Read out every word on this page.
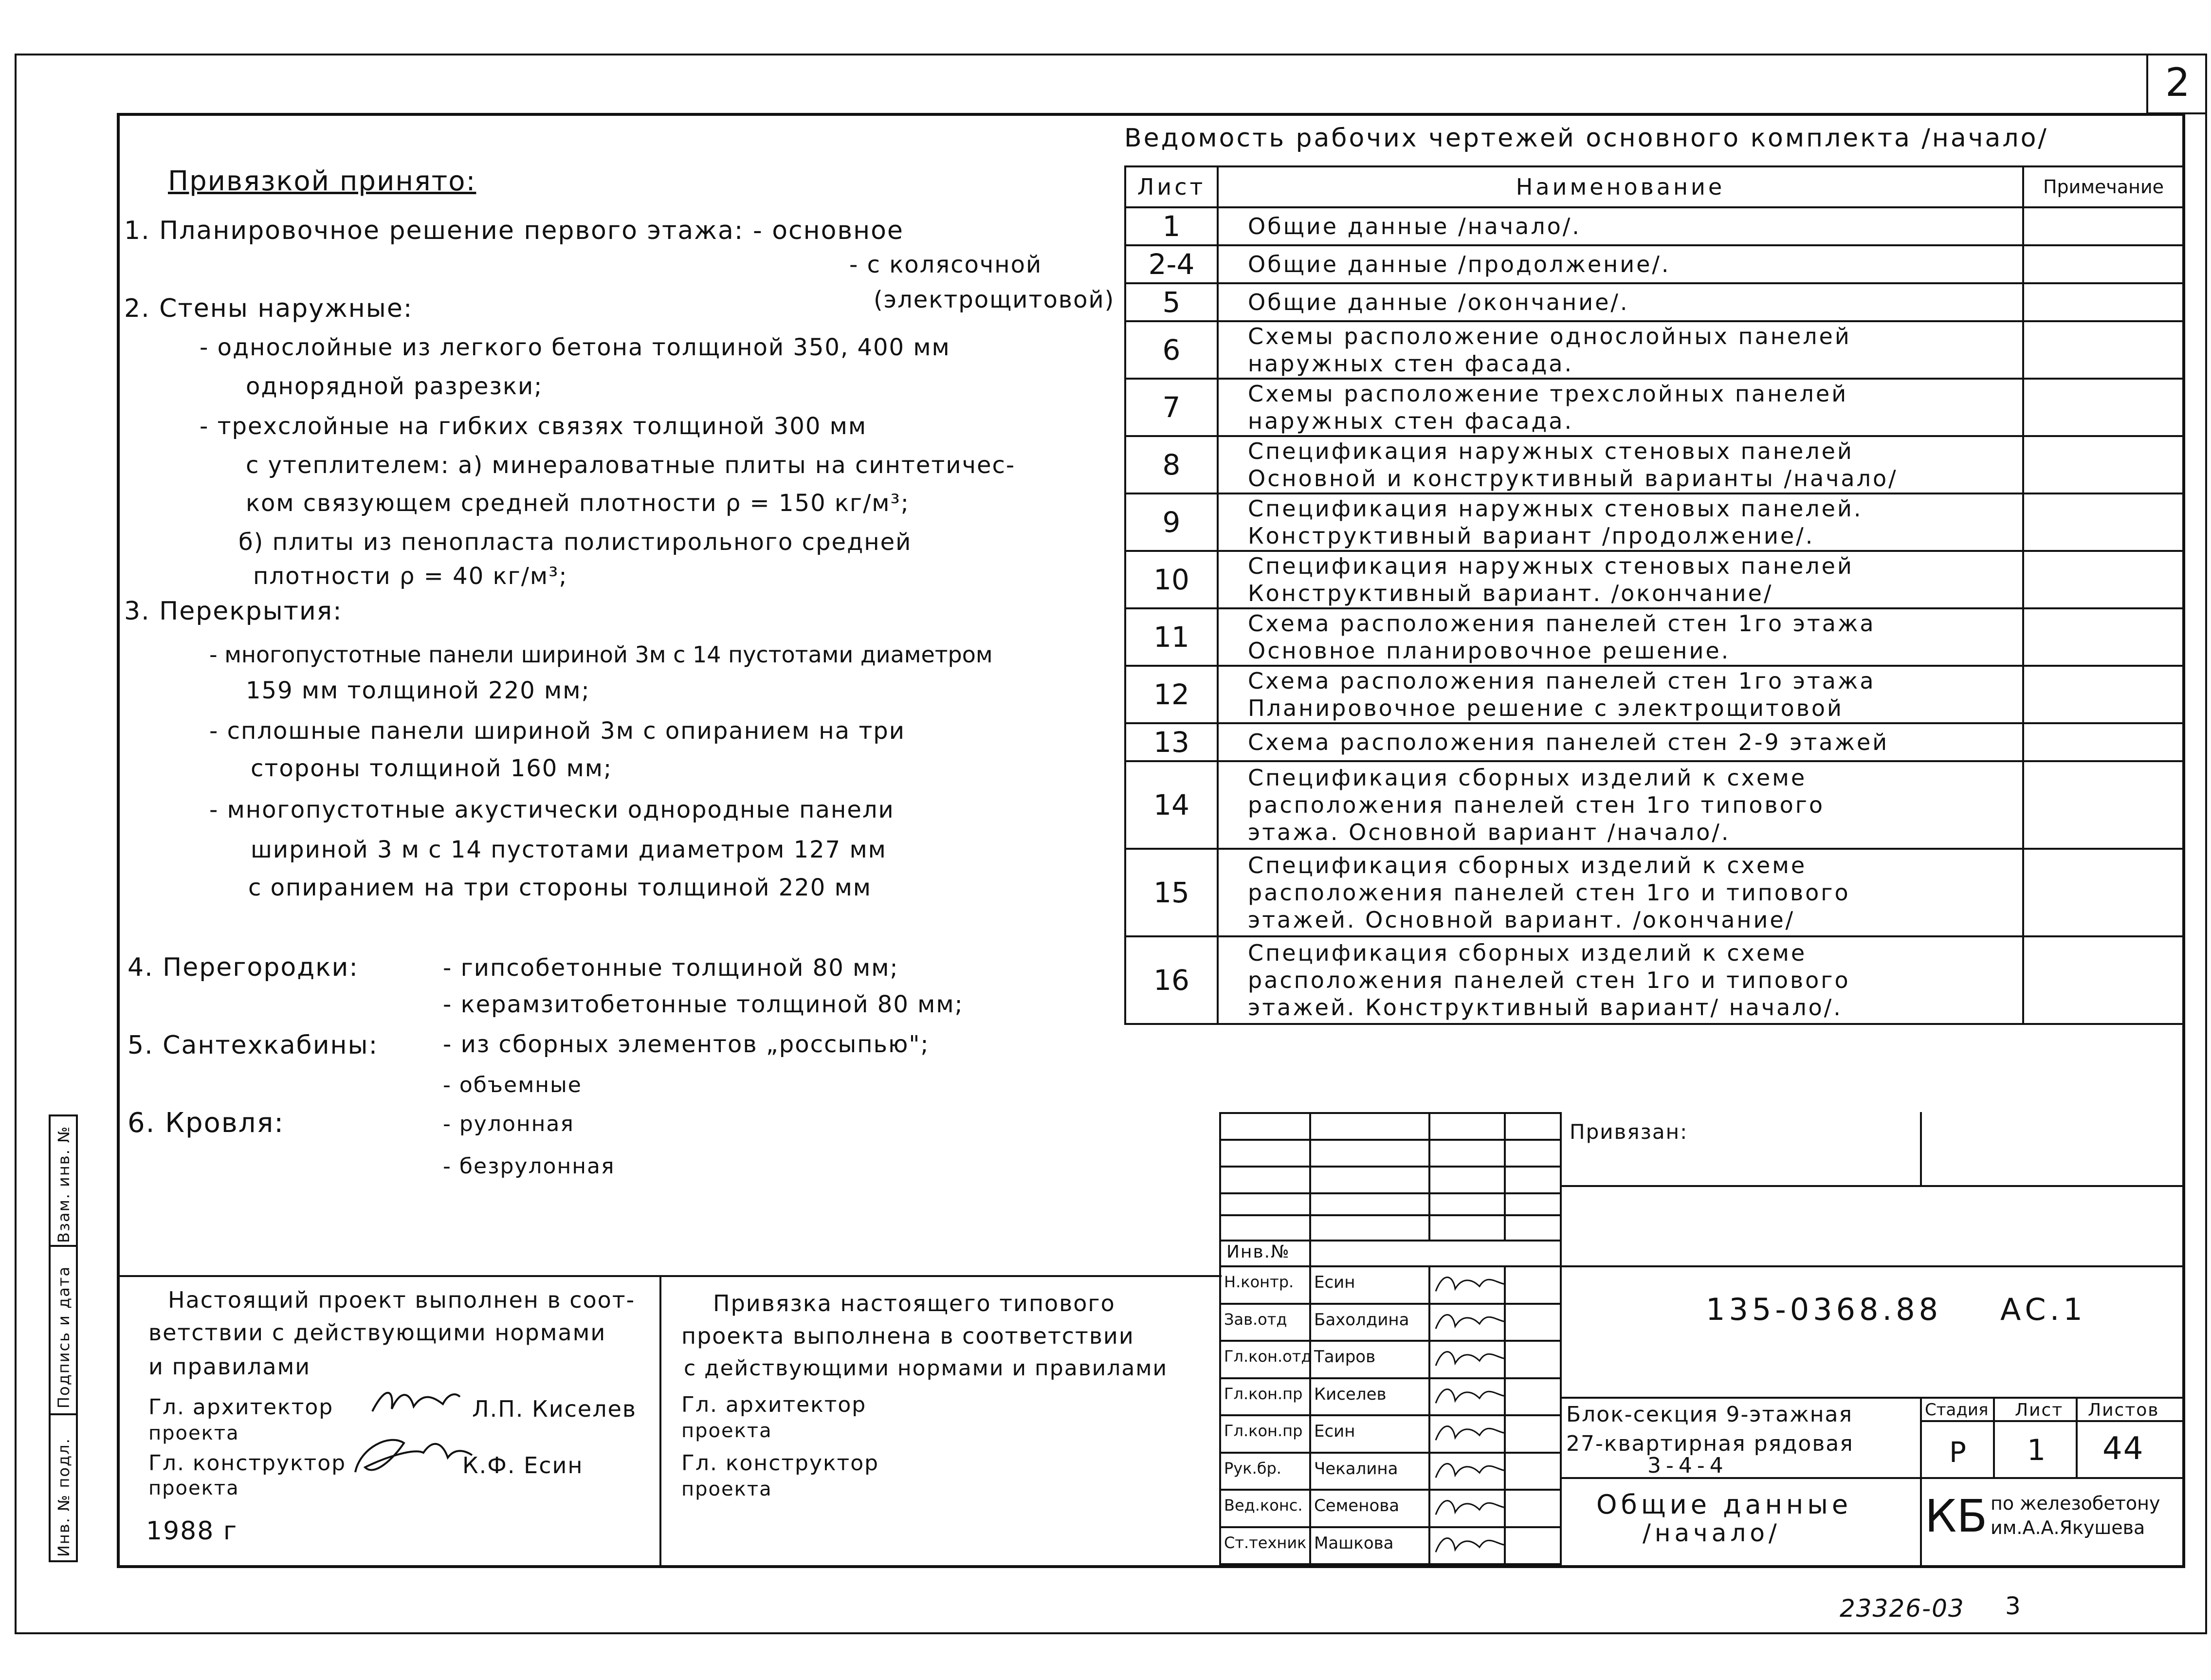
2
Привязкой принято:
1. Планировочное решение первого этажа: - основное
- с колясочной
(электрощитовой)
2. Стены наружные:
- однослойные из легкого бетона толщиной 350, 400 мм
однорядной разрезки;
- трехслойные на гибких связях толщиной 300 мм
с утеплителем: а) минераловатные плиты на синтетичес-
ком связующем средней плотности ρ = 150 кг/м³;
б) плиты из пенопласта полистирольного средней
плотности ρ = 40 кг/м³;
3. Перекрытия:
- многопустотные панели шириной 3м с 14 пустотами диаметром
159 мм толщиной 220 мм;
- сплошные панели шириной 3м с опиранием на три
стороны толщиной 160 мм;
- многопустотные акустически однородные панели
шириной 3 м с 14 пустотами диаметром 127 мм
с опиранием на три стороны толщиной 220 мм
4. Перегородки:	- гипсобетонные толщиной 80 мм;
- керамзитобетонные толщиной 80 мм;
5. Сантехкабины:	- из сборных элементов „россыпью";
- объемные
6. Кровля:	- рулонная
- безрулонная
Ведомость рабочих чертежей основного комплекта /начало/
Лист	Наименование	Примечание
1	Общие данные /начало/.	

2-4	Общие данные /продолжение/.	

5	Общие данные /окончание/.	

6	Схемы расположение однослойных панелей
наружных стен фасада.	

7	Схемы расположение трехслойных панелей
наружных стен фасада.	

8	Спецификация наружных стеновых панелей
Основной и конструктивный варианты /начало/	

9	Спецификация наружных стеновых панелей.
Конструктивный вариант /продолжение/.	

10	Спецификация наружных стеновых панелей
Конструктивный вариант. /окончание/	

11	Схема расположения панелей стен 1го этажа
Основное планировочное решение.	

12	Схема расположения панелей стен 1го этажа
Планировочное решение с электрощитовой	

13	Схема расположения панелей стен 2-9 этажей	

14	Спецификация сборных изделий к схеме
расположения панелей стен 1го типового
этажа. Основной вариант /начало/.	

15	Спецификация сборных изделий к схеме
расположения панелей стен 1го и типового
этажей. Основной вариант. /окончание/	

16	Спецификация сборных изделий к схеме
расположения панелей стен 1го и типового
этажей. Конструктивный вариант/ начало/.	

Взам. инв. №
Подпись и дата
Инв. № подл.
Настоящий проект выполнен в соот-
ветствии с действующими нормами
и правилами
Гл. архитектор
проекта
Л.П. Киселев
Гл. конструктор
проекта
К.Ф. Есин
1988 г
Привязка настоящего типового
проекта выполнена в соответствии
с действующими нормами и правилами
Гл. архитектор
проекта
Гл. конструктор
проекта
Привязан:
Инв.№
Н.контр. Есин
Зав.отд Бахолдина
Гл.кон.отд Таиров
Гл.кон.пр Киселев
Гл.кон.пр Есин
Рук.бр. Чекалина
Вед.конс. Семенова
Ст.техник Машкова
135-0368.88 АС.1
Блок-секция 9-этажная
27-квартирная рядовая
3-4-4
Стадия Лист Листов
Р 1 44
Общие данные
/начало/	КБ по железобетону
им.А.А.Якушева
23326-03 3
